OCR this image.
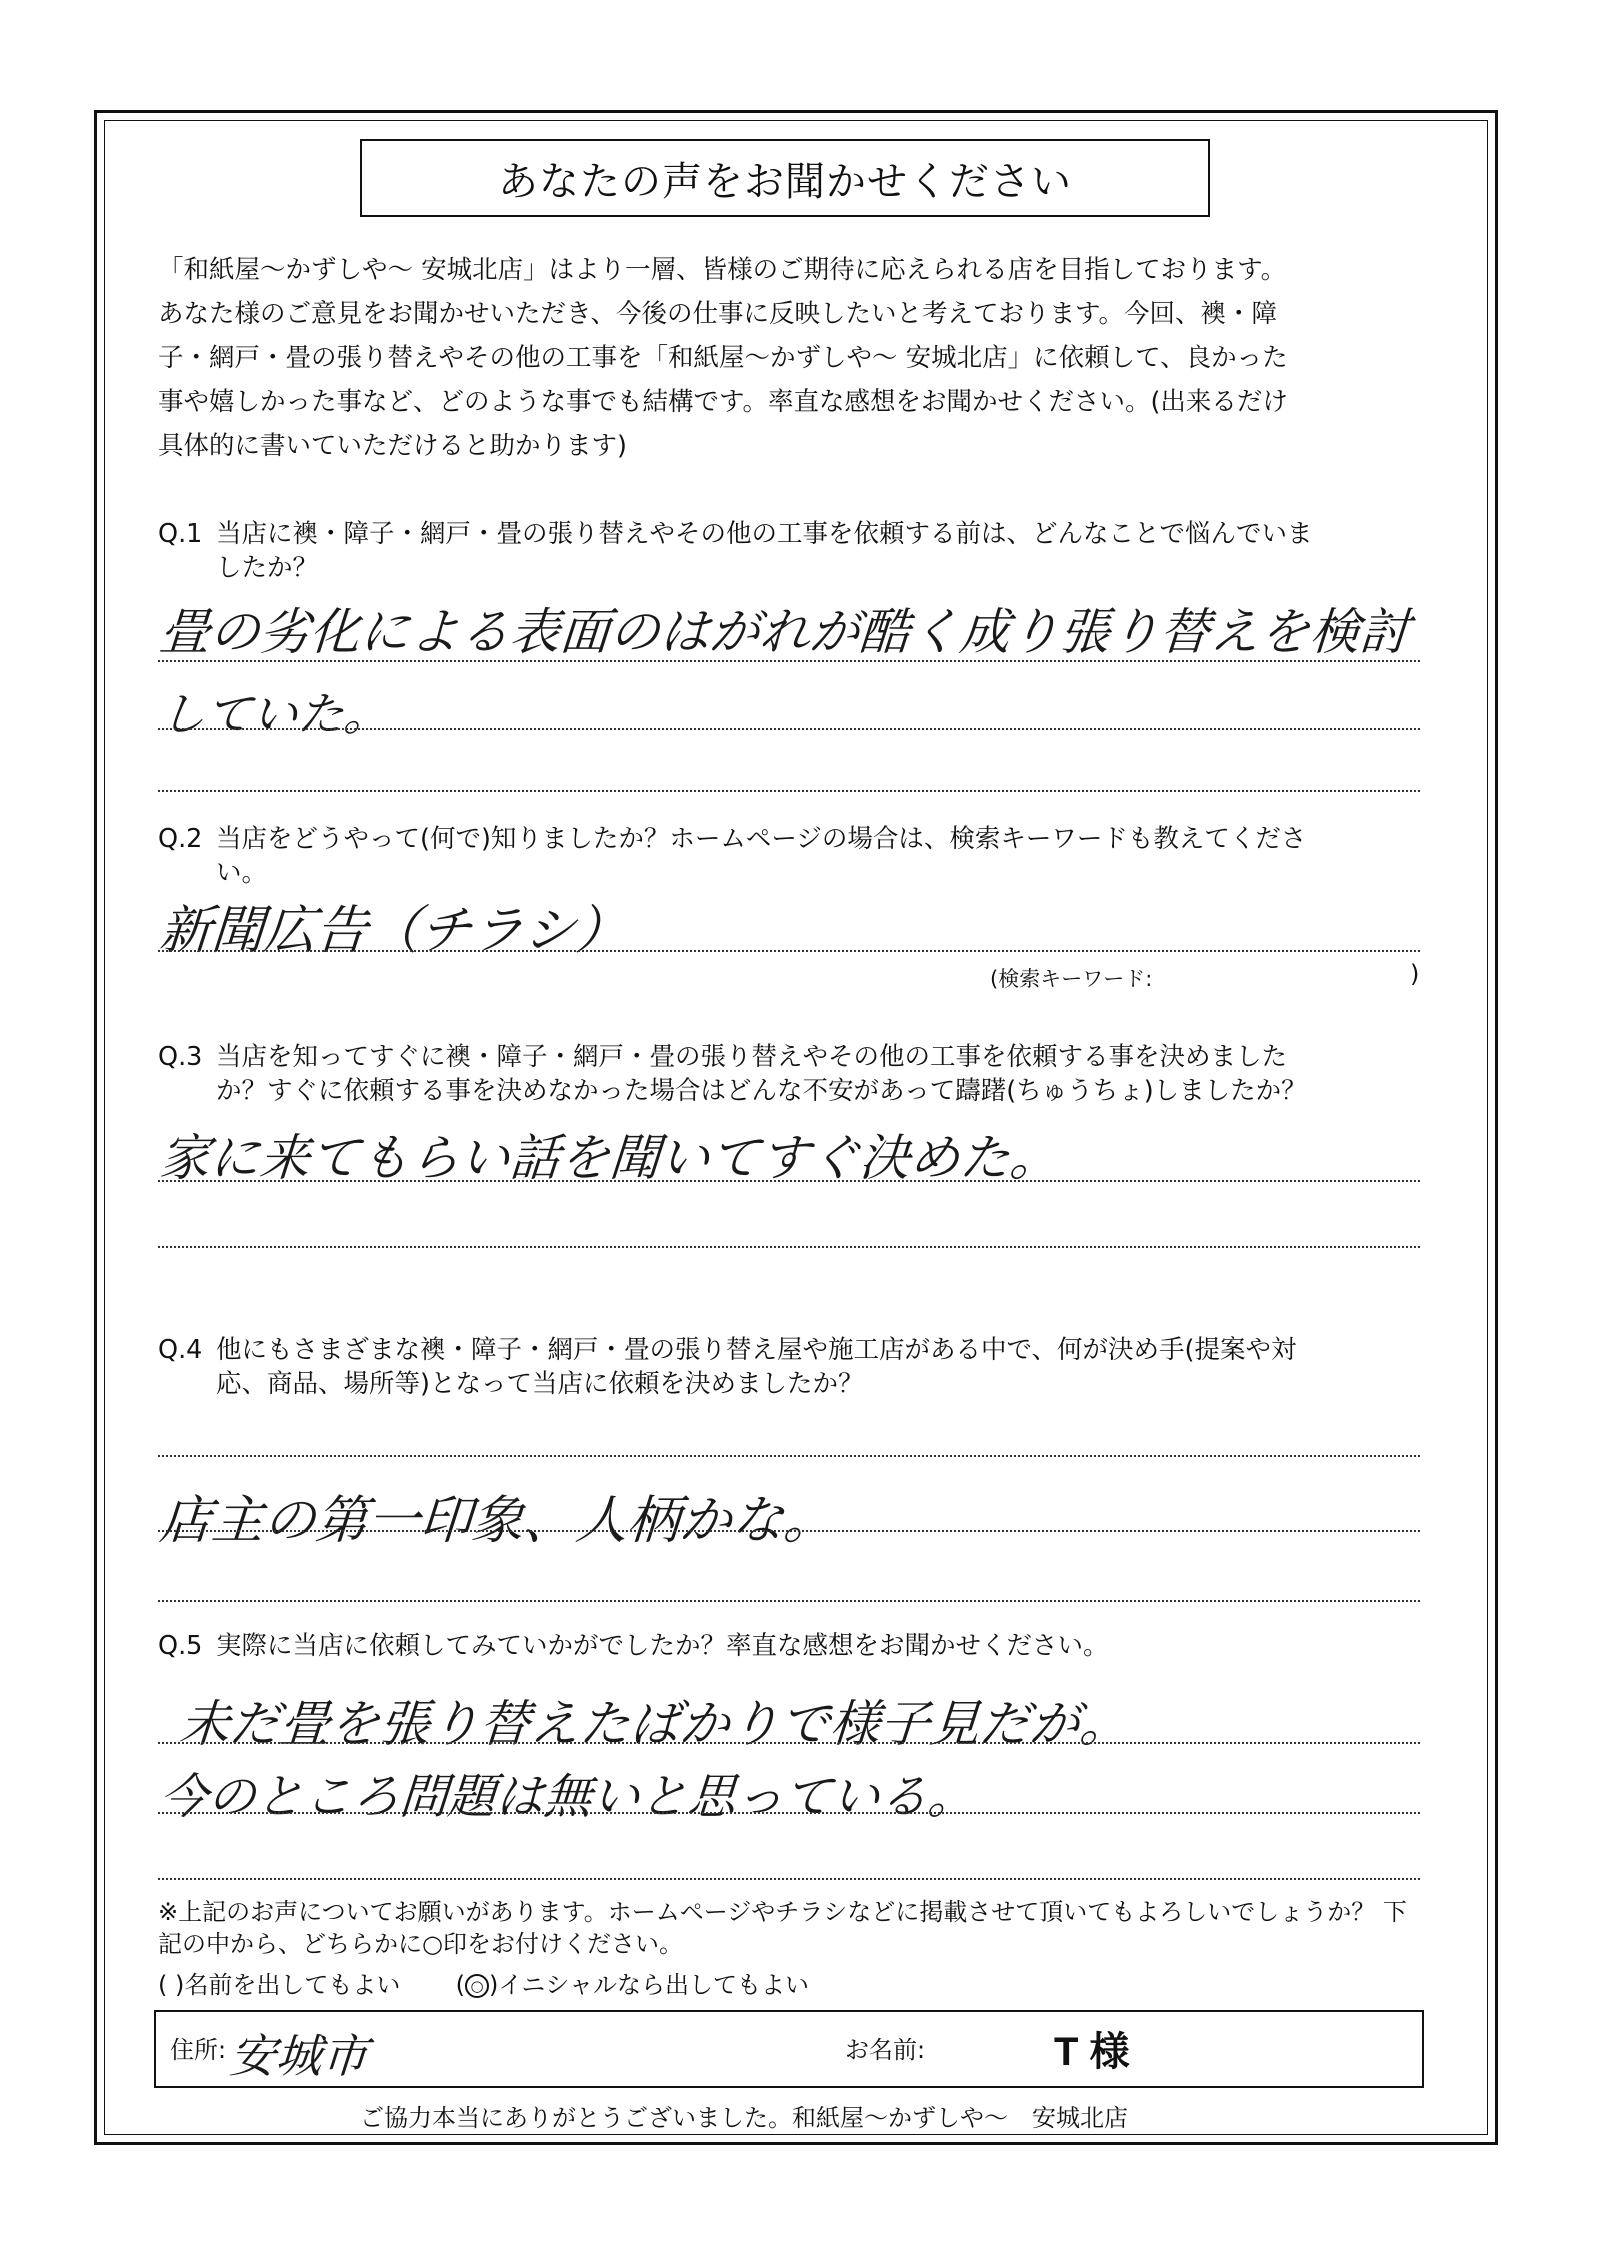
あなたの声をお聞かせください

「和紙屋～かずしや～ 安城北店」はより一層、皆様のご期待に応えられる店を目指しております。

あなた様のご意見をお聞かせいただき、今後の仕事に反映したいと考えております。今回、襖・障

子・網戸・畳の張り替えやその他の工事を「和紙屋～かずしや～ 安城北店」に依頼して、良かった

事や嬉しかった事など、どのような事でも結構です。率直な感想をお聞かせください。(出来るだけ

具体的に書いていただけると助かります)

Q.1 当店に襖・障子・網戸・畳の張り替えやその他の工事を依頼する前は、どんなことで悩んでいま
したか？
畳の劣化による表面のはがれが酷く成り張り替えを検討
していた。
Q.2 当店をどうやって(何で)知りましたか？ホームページの場合は、検索キーワードも教えてくださ
い。
新聞広告（チラシ）
(検索キーワード:	)
Q.3 当店を知ってすぐに襖・障子・網戸・畳の張り替えやその他の工事を依頼する事を決めました
か？すぐに依頼する事を決めなかった場合はどんな不安があって躊躇(ちゅうちょ)しましたか？
家に来てもらい話を聞いてすぐ決めた。
Q.4 他にもさまざまな襖・障子・網戸・畳の張り替え屋や施工店がある中で、何が決め手(提案や対
応、商品、場所等)となって当店に依頼を決めましたか？
店主の第一印象、人柄かな。
Q.5 実際に当店に依頼してみていかがでしたか？率直な感想をお聞かせください。
未だ畳を張り替えたばかりで様子見だが。
今のところ問題は無いと思っている。
※上記のお声についてお願いがあります。ホームページやチラシなどに掲載させて頂いてもよろしいでしょうか？ 下
記の中から、どちらかに○印をお付けください。
( )名前を出してもよい ( ○ )イニシャルなら出してもよい
住所: 安城市	お名前:	T 様
ご協力本当にありがとうございました。和紙屋～かずしや～　安城北店
